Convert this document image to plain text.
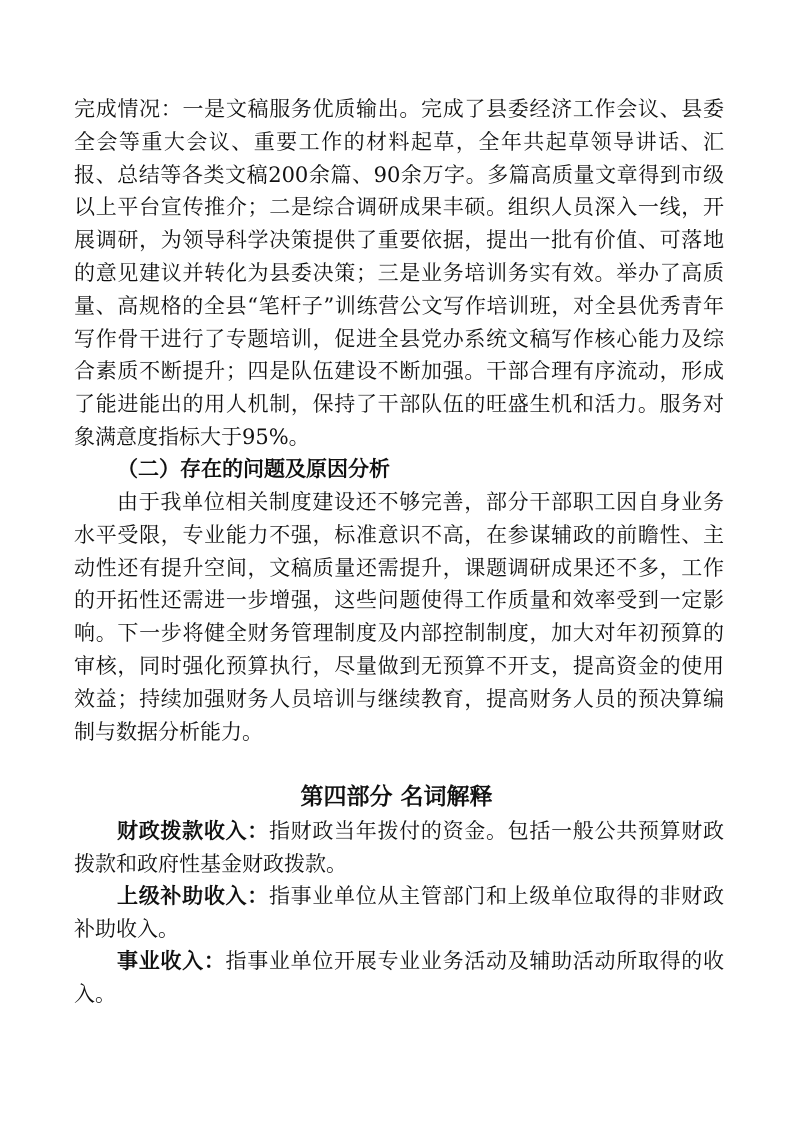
完成情况：一是文稿服务优质输出。完成了县委经济工作会议、县委全会等重大会议、重要工作的材料起草，全年共起草领导讲话、汇报、总结等各类文稿200余篇、90余万字。多篇高质量文章得到市级以上平台宣传推介；二是综合调研成果丰硕。组织人员深入一线，开展调研，为领导科学决策提供了重要依据，提出一批有价值、可落地的意见建议并转化为县委决策；三是业务培训务实有效。举办了高质量、高规格的全县“笔杆子”训练营公文写作培训班，对全县优秀青年写作骨干进行了专题培训，促进全县党办系统文稿写作核心能力及综合素质不断提升；四是队伍建设不断加强。干部合理有序流动，形成了能进能出的用人机制，保持了干部队伍的旺盛生机和活力。服务对象满意度指标大于95%。

（二）存在的问题及原因分析

由于我单位相关制度建设还不够完善，部分干部职工因自身业务水平受限，专业能力不强，标准意识不高，在参谋辅政的前瞻性、主动性还有提升空间，文稿质量还需提升，课题调研成果还不多，工作的开拓性还需进一步增强，这些问题使得工作质量和效率受到一定影响。下一步将健全财务管理制度及内部控制制度，加大对年初预算的审核，同时强化预算执行，尽量做到无预算不开支，提高资金的使用效益；持续加强财务人员培训与继续教育，提高财务人员的预决算编制与数据分析能力。

第四部分 名词解释

财政拨款收入：指财政当年拨付的资金。包括一般公共预算财政拨款和政府性基金财政拨款。

上级补助收入：指事业单位从主管部门和上级单位取得的非财政补助收入。

事业收入：指事业单位开展专业业务活动及辅助活动所取得的收入。
